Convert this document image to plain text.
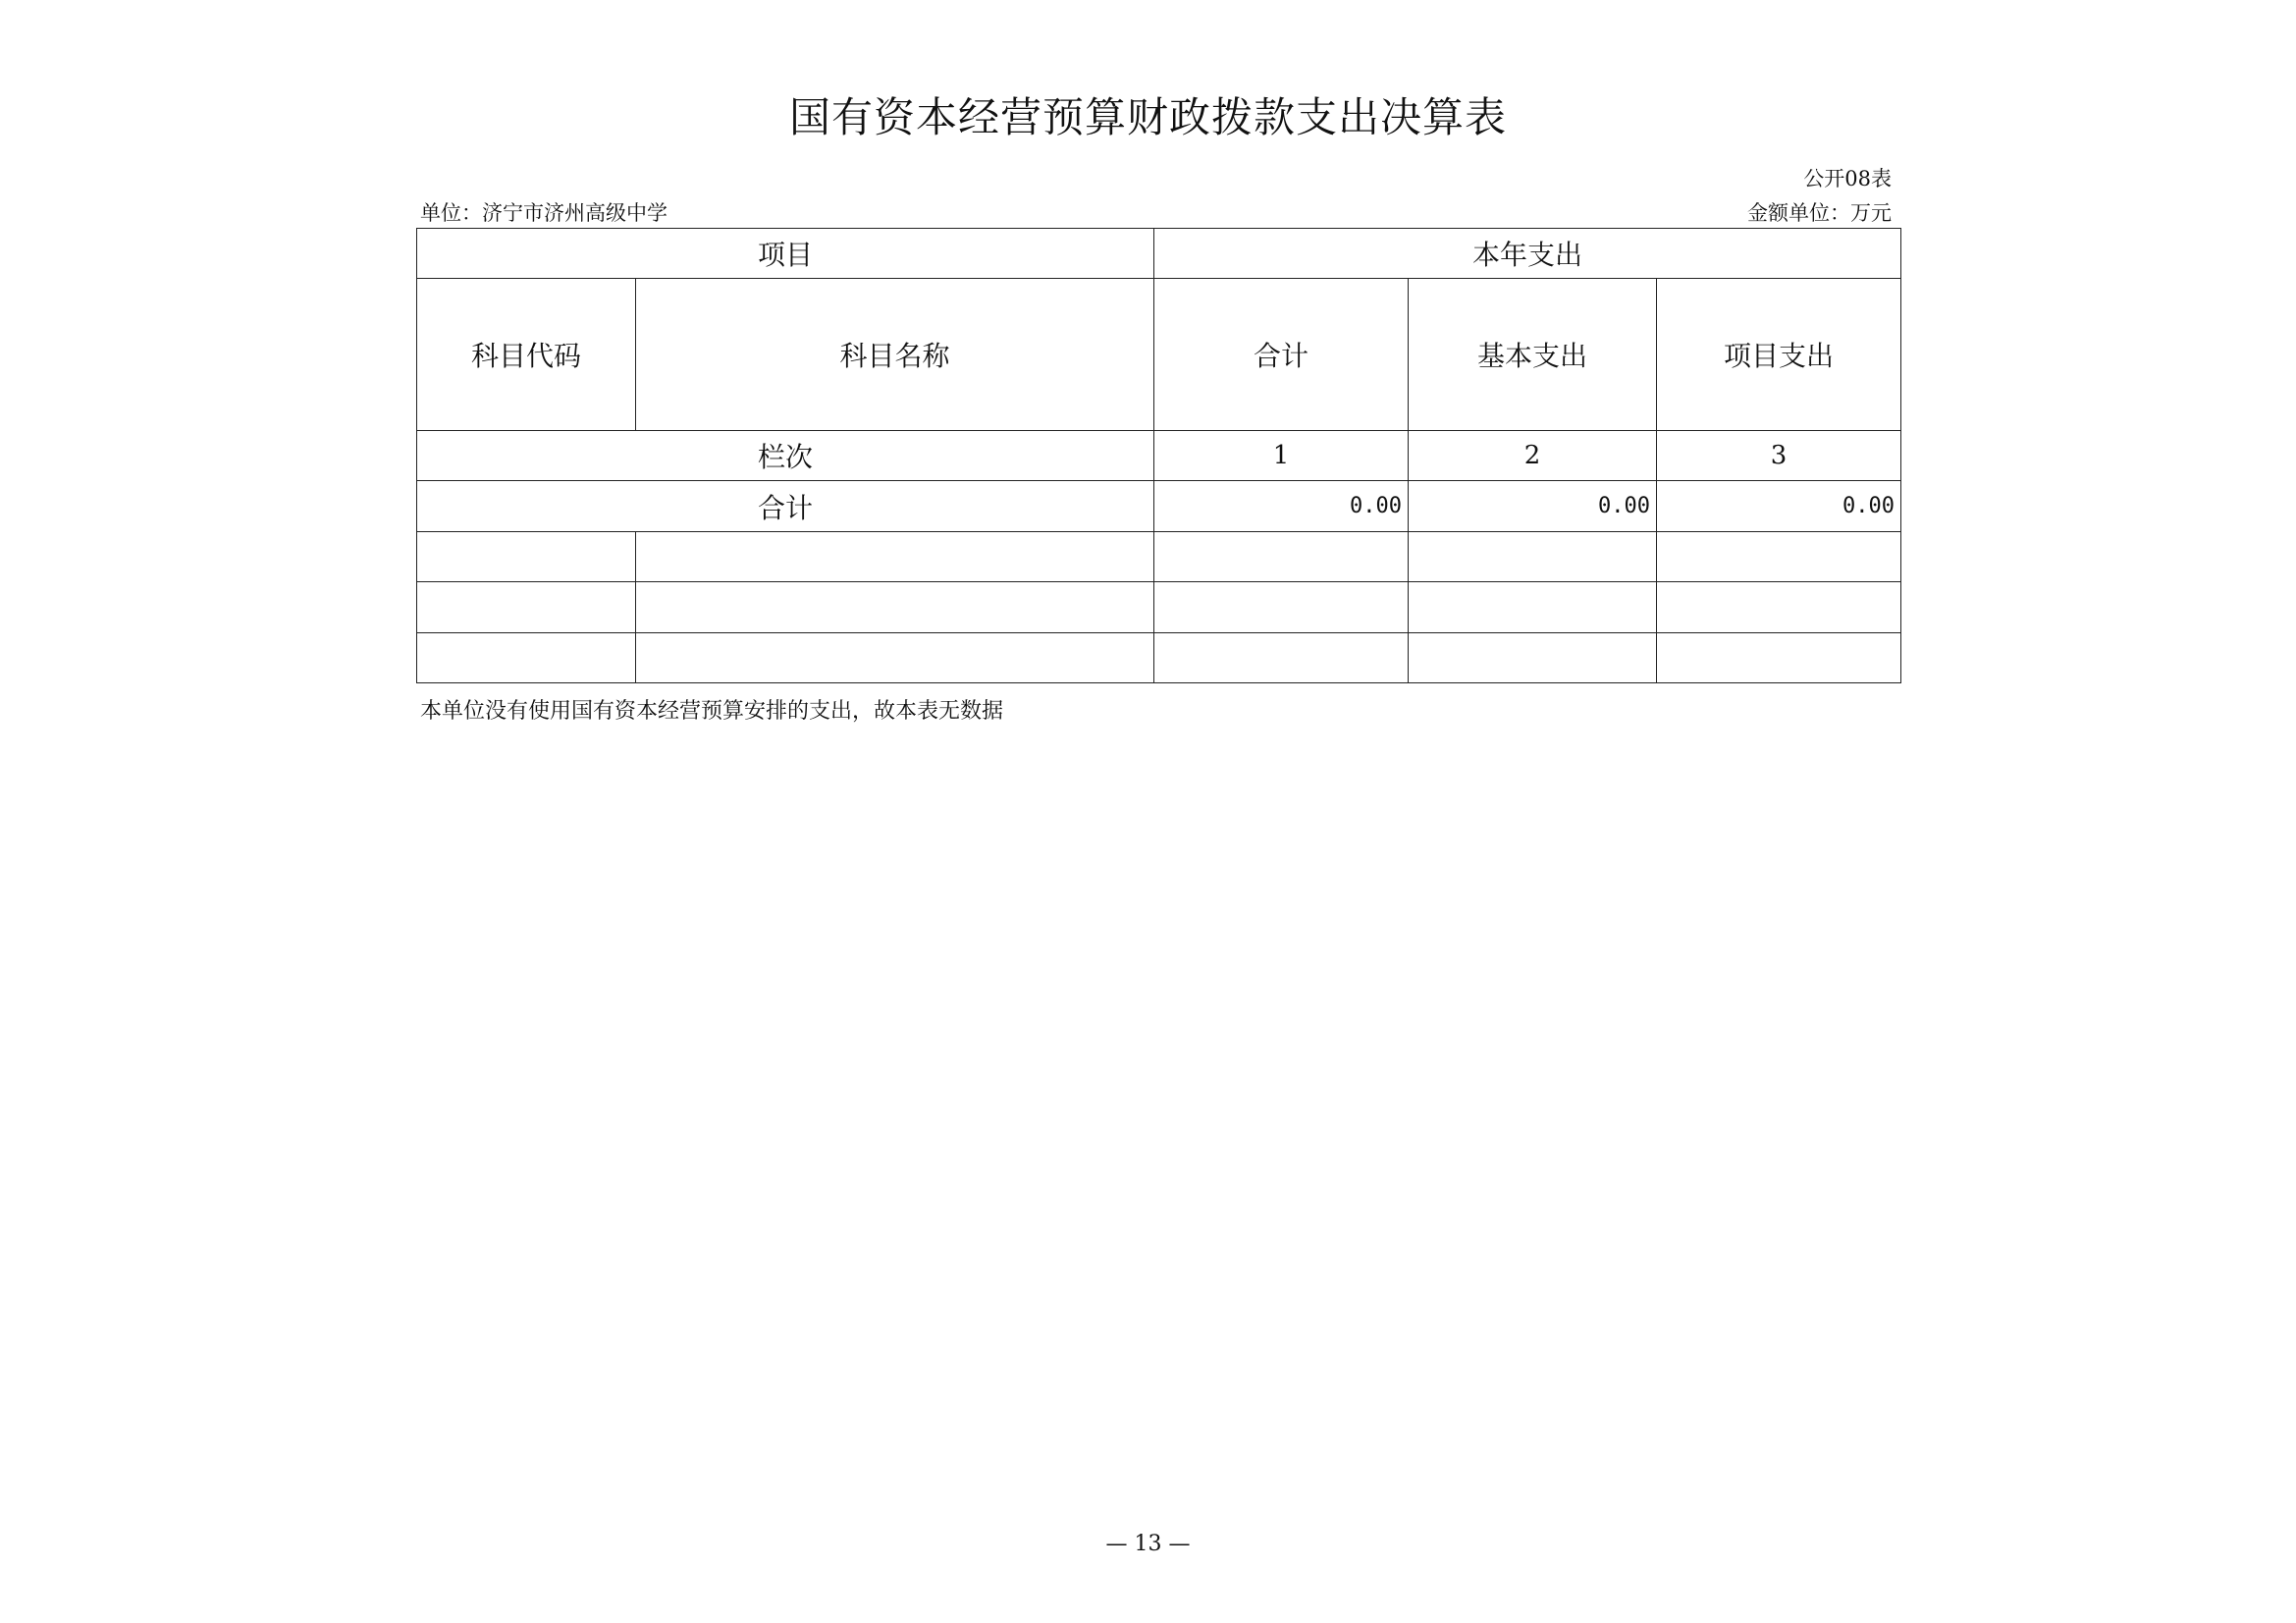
国有资本经营预算财政拨款支出决算表
公开08表
单位：济宁市济州高级中学	金额单位：万元
项目		本年支出		
科目代码	科目名称	合计	基本支出	项目支出
栏次		1	2	3
合计		0.00	0.00	0.00

本单位没有使用国有资本经营预算安排的支出，故本表无数据
— 13 —
